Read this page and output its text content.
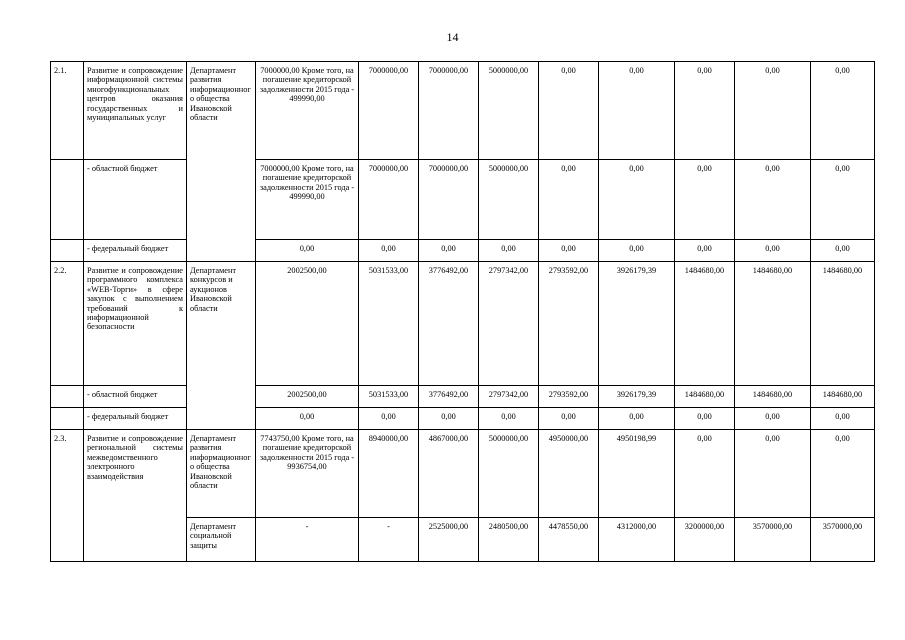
14
2.1.	Развитие и сопровождение информационной системы многофункциональных центров оказания государственных и муниципальных услуг	Департамент развития информационного общества Ивановской области	7000000,00 Кроме того, на погашение кредиторской задолженности 2015 года - 499990,00	7000000,00	7000000,00	5000000,00	0,00	0,00	0,00	0,00	0,00
	- областной бюджет		7000000,00 Кроме того, на погашение кредиторской задолженности 2015 года - 499990,00	7000000,00	7000000,00	5000000,00	0,00	0,00	0,00	0,00	0,00
	- федеральный бюджет		0,00	0,00	0,00	0,00	0,00	0,00	0,00	0,00	0,00
2.2.	Развитие и сопровождение программного комплекса «WEB-Торги» в сфере закупок с выполнением требований к информационной безопасности	Департамент конкурсов и аукционов Ивановской области	2002500,00	5031533,00	3776492,00	2797342,00	2793592,00	3926179,39	1484680,00	1484680,00	1484680,00
	- областной бюджет		2002500,00	5031533,00	3776492,00	2797342,00	2793592,00	3926179,39	1484680,00	1484680,00	1484680,00
	- федеральный бюджет		0,00	0,00	0,00	0,00	0,00	0,00	0,00	0,00	0,00
2.3.	Развитие и сопровождение региональной системы межведомственного электронного взаимодействия	Департамент развития информационного общества Ивановской области	7743750,00 Кроме того, на погашение кредиторской задолженности 2015 года - 9936754,00	8940000,00	4867000,00	5000000,00	4950000,00	4950198,99	0,00	0,00	0,00
		Департамент социальной защиты	-	-	2525000,00	2480500,00	4478550,00	4312000,00	3200000,00	3570000,00	3570000,00
